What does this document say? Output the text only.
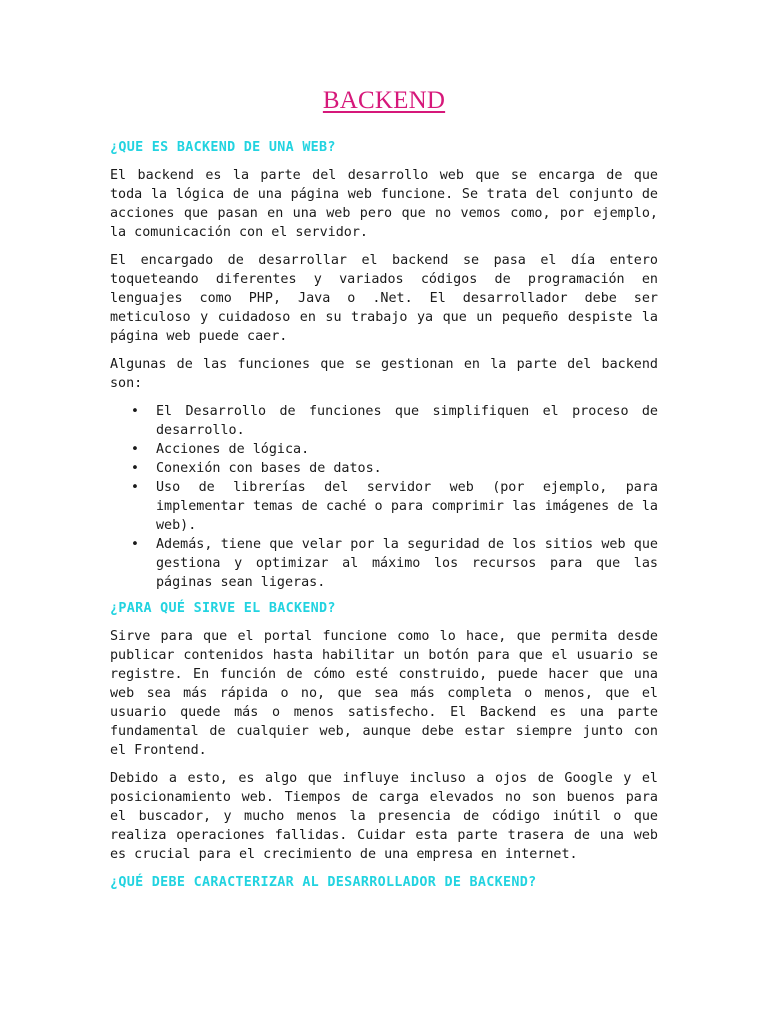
BACKEND
¿QUE ES BACKEND DE UNA WEB?

El backend es la parte del desarrollo web que se encarga de que toda la lógica de una página web funcione. Se trata del conjunto de acciones que pasan en una web pero que no vemos como, por ejemplo, la comunicación con el servidor.

El encargado de desarrollar el backend se pasa el día entero toqueteando diferentes y variados códigos de programación en lenguajes como PHP, Java o .Net. El desarrollador debe ser meticuloso y cuidadoso en su trabajo ya que un pequeño despiste la página web puede caer.

Algunas de las funciones que se gestionan en la parte del backend son:

• El Desarrollo de funciones que simplifiquen el proceso de desarrollo.
• Acciones de lógica.
• Conexión con bases de datos.
• Uso de librerías del servidor web (por ejemplo, para implementar temas de caché o para comprimir las imágenes de la web).
• Además, tiene que velar por la seguridad de los sitios web que gestiona y optimizar al máximo los recursos para que las páginas sean ligeras.
¿PARA QUÉ SIRVE EL BACKEND?

Sirve para que el portal funcione como lo hace, que permita desde publicar contenidos hasta habilitar un botón para que el usuario se registre. En función de cómo esté construido, puede hacer que una web sea más rápida o no, que sea más completa o menos, que el usuario quede más o menos satisfecho. El Backend es una parte fundamental de cualquier web, aunque debe estar siempre junto con el Frontend.

Debido a esto, es algo que influye incluso a ojos de Google y el posicionamiento web. Tiempos de carga elevados no son buenos para el buscador, y mucho menos la presencia de código inútil o que realiza operaciones fallidas. Cuidar esta parte trasera de una web es crucial para el crecimiento de una empresa en internet.

¿QUÉ DEBE CARACTERIZAR AL DESARROLLADOR DE BACKEND?
